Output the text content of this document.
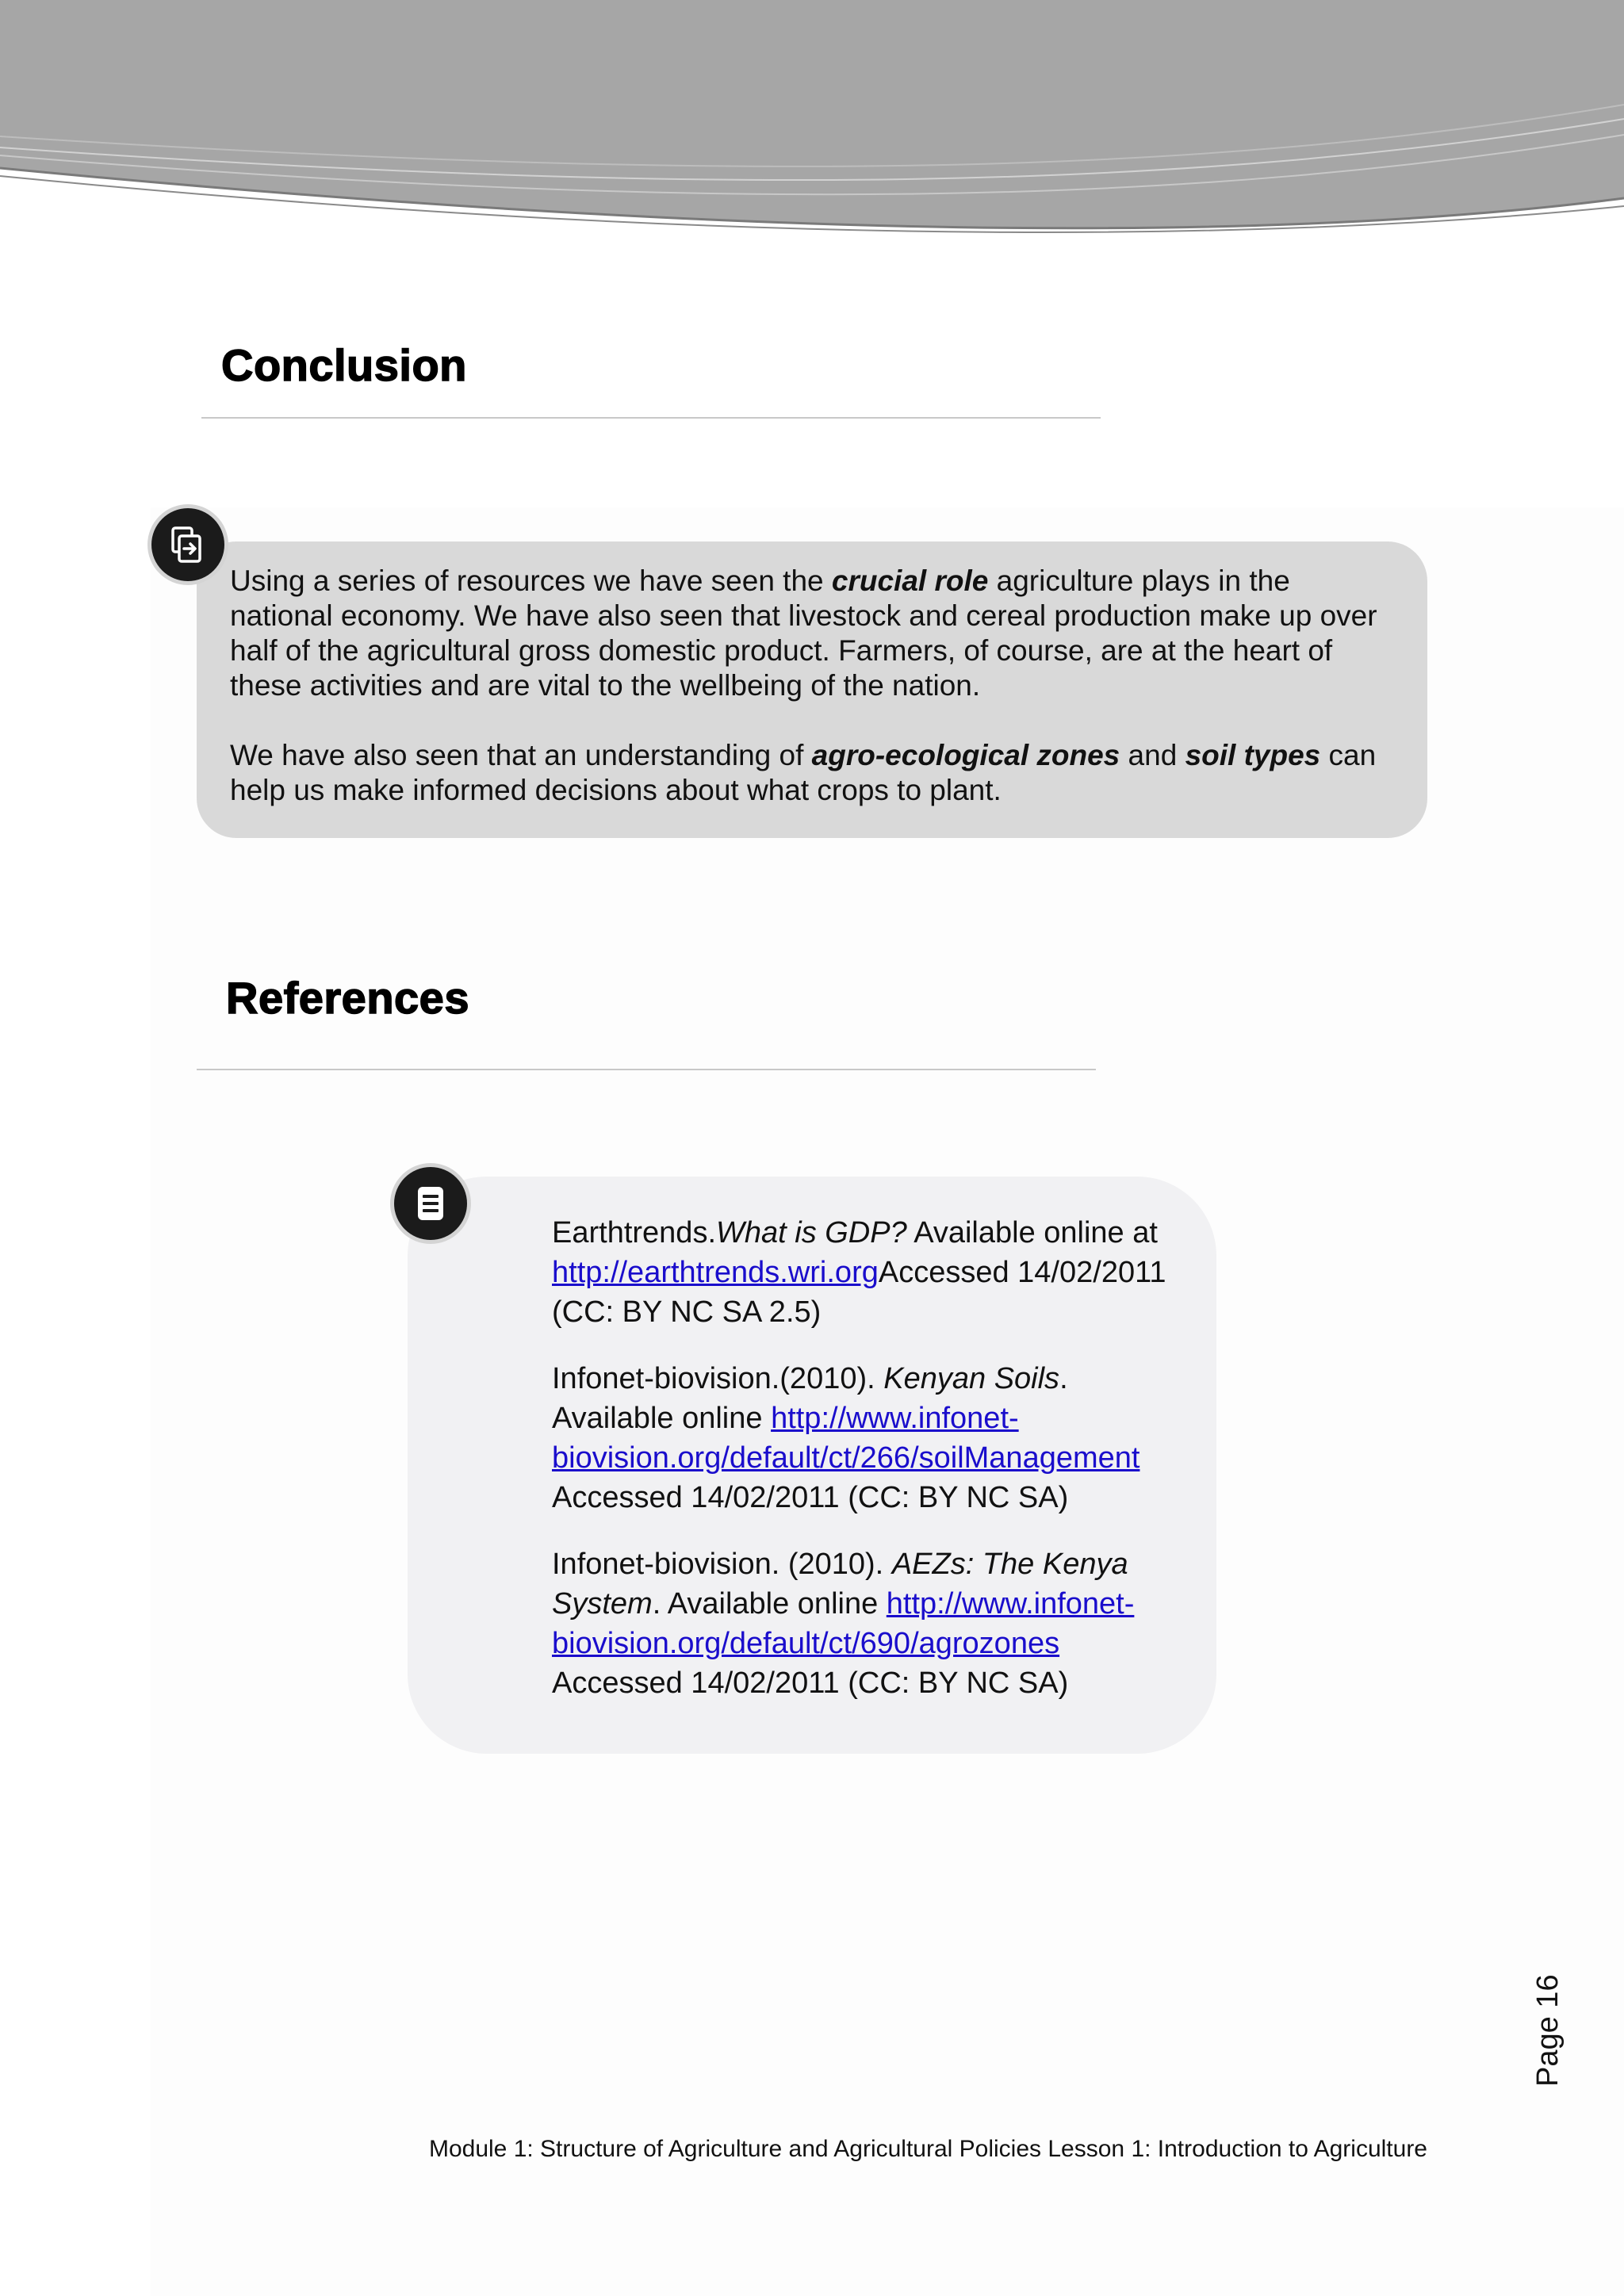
Conclusion

Using a series of resources we have seen the crucial role agriculture plays in the national economy. We have also seen that livestock and cereal production make up over half of the agricultural gross domestic product. Farmers, of course, are at the heart of these activities and are vital to the wellbeing of the nation.

We have also seen that an understanding of agro-ecological zones and soil types can help us make informed decisions about what crops to plant.

References

Earthtrends.What is GDP? Available online at http://earthtrends.wri.orgAccessed 14/02/2011 (CC: BY NC SA 2.5)

Infonet-biovision.(2010). Kenyan Soils. Available online http://www.infonet-biovision.org/default/ct/266/soilManagement Accessed 14/02/2011 (CC: BY NC SA)

Infonet-biovision. (2010). AEZs: The Kenya System. Available online http://www.infonet-biovision.org/default/ct/690/agrozones Accessed 14/02/2011 (CC: BY NC SA)

Page 16
Module 1: Structure of Agriculture and Agricultural Policies Lesson 1: Introduction to Agriculture
